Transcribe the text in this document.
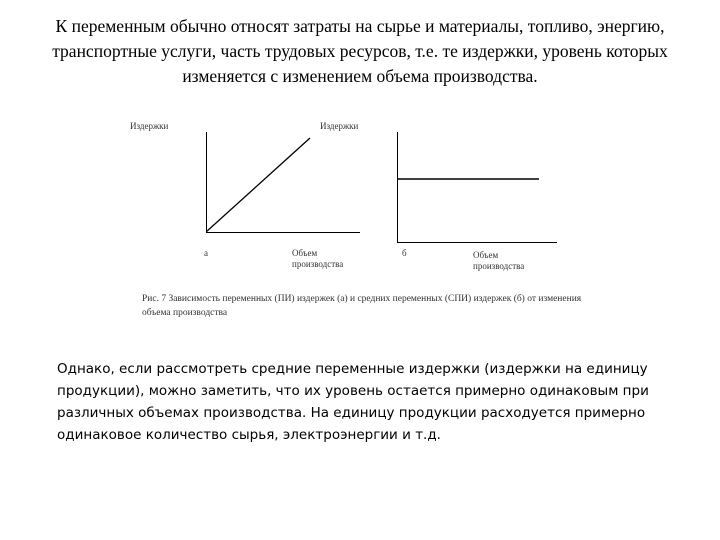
К переменным обычно относят затраты на сырье и материалы, топливо, энергию, транспортные услуги, часть трудовых ресурсов, т.е. те издержки, уровень которых изменяется с изменением объема производства.
Издержки
а	Объем производства
Издержки
б	Объем производства

Рис. 7 Зависимость переменных (ПИ) издержек (а) и средних переменных (СПИ) издержек (б) от изменения объема производства

Однако, если рассмотреть средние переменные издержки (издержки на единицу продукции), можно заметить, что их уровень остается примерно одинаковым при различных объемах производства. На единицу продукции расходуется примерно одинаковое количество сырья, электроэнергии и т.д.
